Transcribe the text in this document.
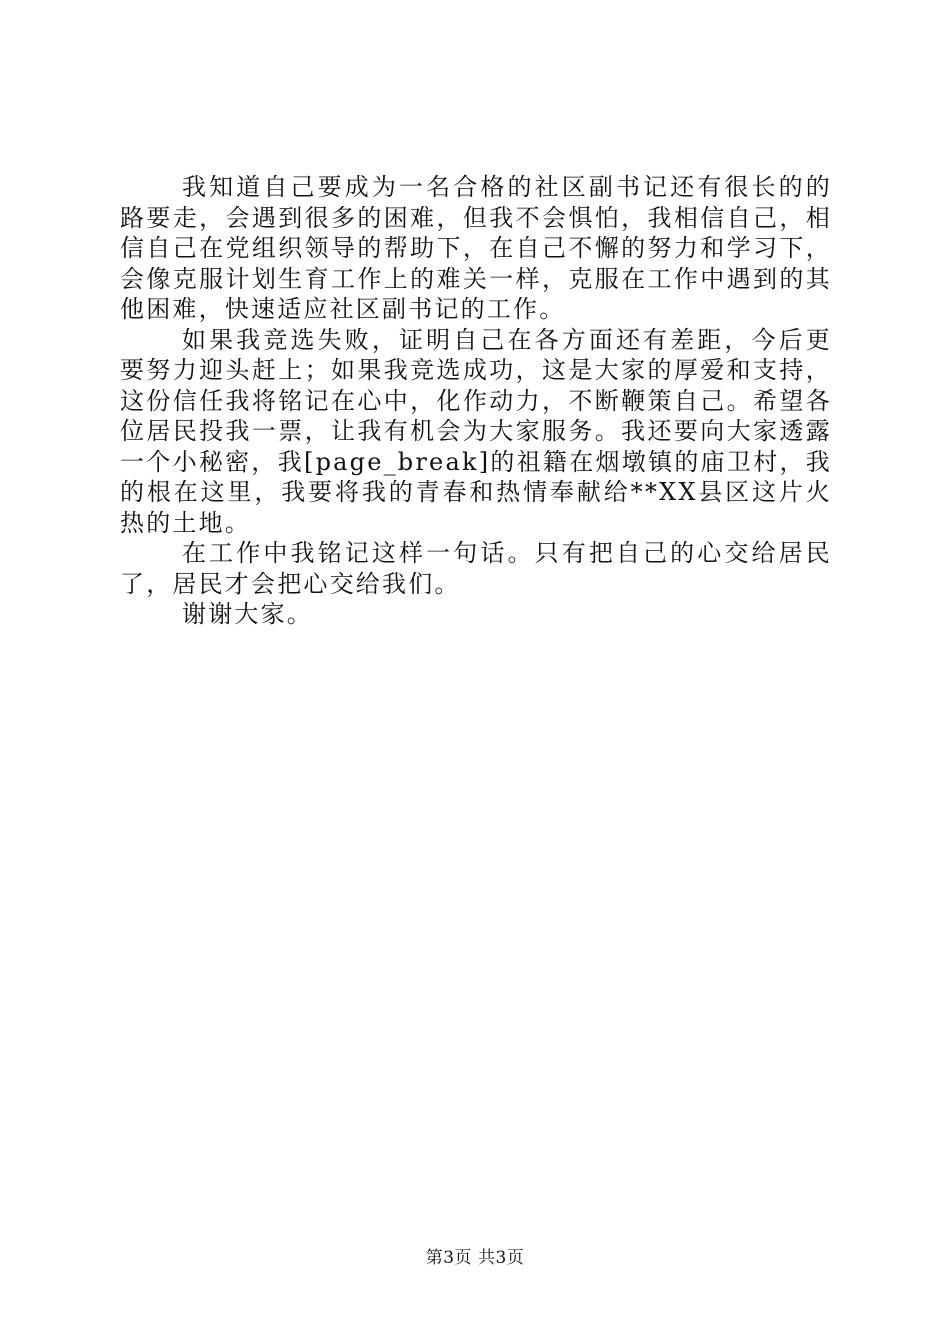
我知道自己要成为一名合格的社区副书记还有很长的的路要走，会遇到很多的困难，但我不会惧怕，我相信自己，相信自己在党组织领导的帮助下，在自己不懈的努力和学习下，会像克服计划生育工作上的难关一样，克服在工作中遇到的其他困难，快速适应社区副书记的工作。

如果我竞选失败，证明自己在各方面还有差距，今后更要努力迎头赶上；如果我竞选成功，这是大家的厚爱和支持，这份信任我将铭记在心中，化作动力，不断鞭策自己。希望各位居民投我一票，让我有机会为大家服务。我还要向大家透露一个小秘密，我[page_break]的祖籍在烟墩镇的庙卫村，我的根在这里，我要将我的青春和热情奉献给**XX县区这片火热的土地。

在工作中我铭记这样一句话。只有把自己的心交给居民了，居民才会把心交给我们。

谢谢大家。

第3页 共3页
